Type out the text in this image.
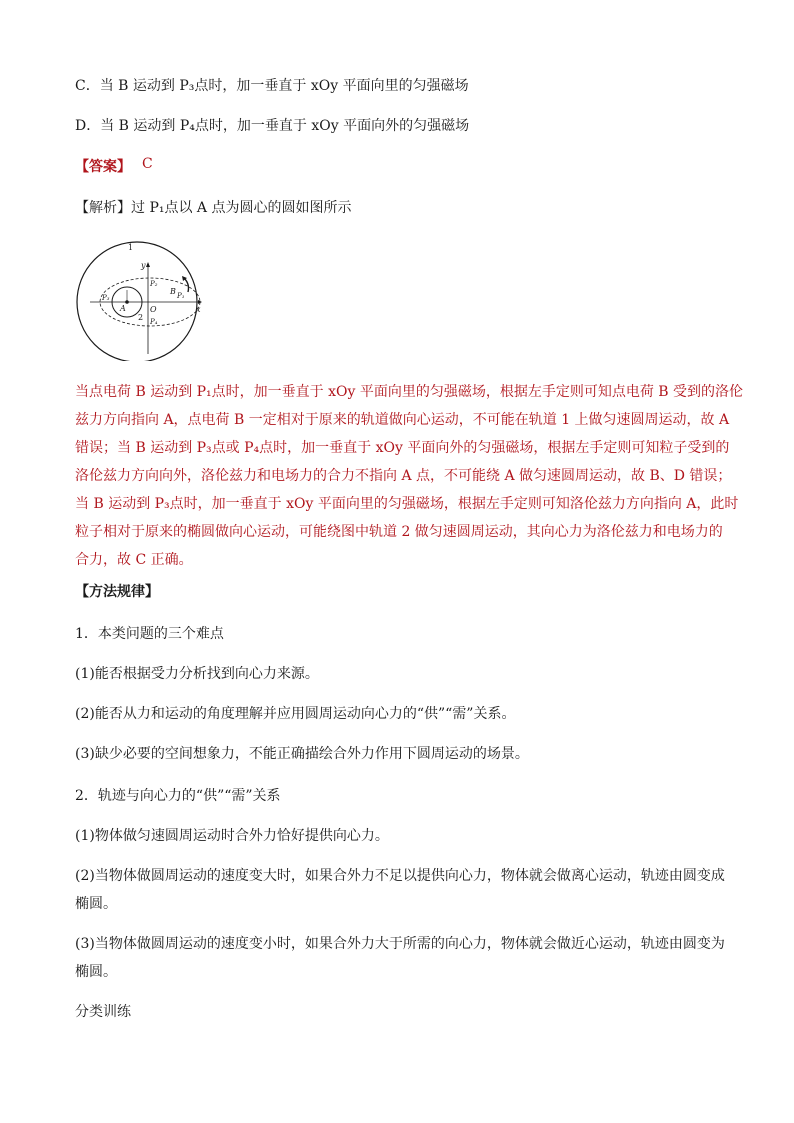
C．当 B 运动到 P₃点时，加一垂直于 xOy 平面向里的匀强磁场
D．当 B 运动到 P₄点时，加一垂直于 xOy 平面向外的匀强磁场
【答案】 C
【解析】过 P₁点以 A 点为圆心的圆如图所示
1
2
y
x
O
A
B P₁
P₂
P₃
P₄
当点电荷 B 运动到 P₁点时，加一垂直于 xOy 平面向里的匀强磁场，根据左手定则可知点电荷 B 受到的洛伦
兹力方向指向 A，点电荷 B 一定相对于原来的轨道做向心运动，不可能在轨道 1 上做匀速圆周运动，故 A
错误；当 B 运动到 P₃点或 P₄点时，加一垂直于 xOy 平面向外的匀强磁场，根据左手定则可知粒子受到的
洛伦兹力方向向外，洛伦兹力和电场力的合力不指向 A 点，不可能绕 A 做匀速圆周运动，故 B、D 错误；
当 B 运动到 P₃点时，加一垂直于 xOy 平面向里的匀强磁场，根据左手定则可知洛伦兹力方向指向 A，此时
粒子相对于原来的椭圆做向心运动，可能绕图中轨道 2 做匀速圆周运动，其向心力为洛伦兹力和电场力的
合力，故 C 正确。
【方法规律】
1．本类问题的三个难点
(1)能否根据受力分析找到向心力来源。
(2)能否从力和运动的角度理解并应用圆周运动向心力的“供”“需”关系。
(3)缺少必要的空间想象力，不能正确描绘合外力作用下圆周运动的场景。
2．轨迹与向心力的“供”“需”关系
(1)物体做匀速圆周运动时合外力恰好提供向心力。
(2)当物体做圆周运动的速度变大时，如果合外力不足以提供向心力，物体就会做离心运动，轨迹由圆变成
椭圆。
(3)当物体做圆周运动的速度变小时，如果合外力大于所需的向心力，物体就会做近心运动，轨迹由圆变为
椭圆。
分类训练
